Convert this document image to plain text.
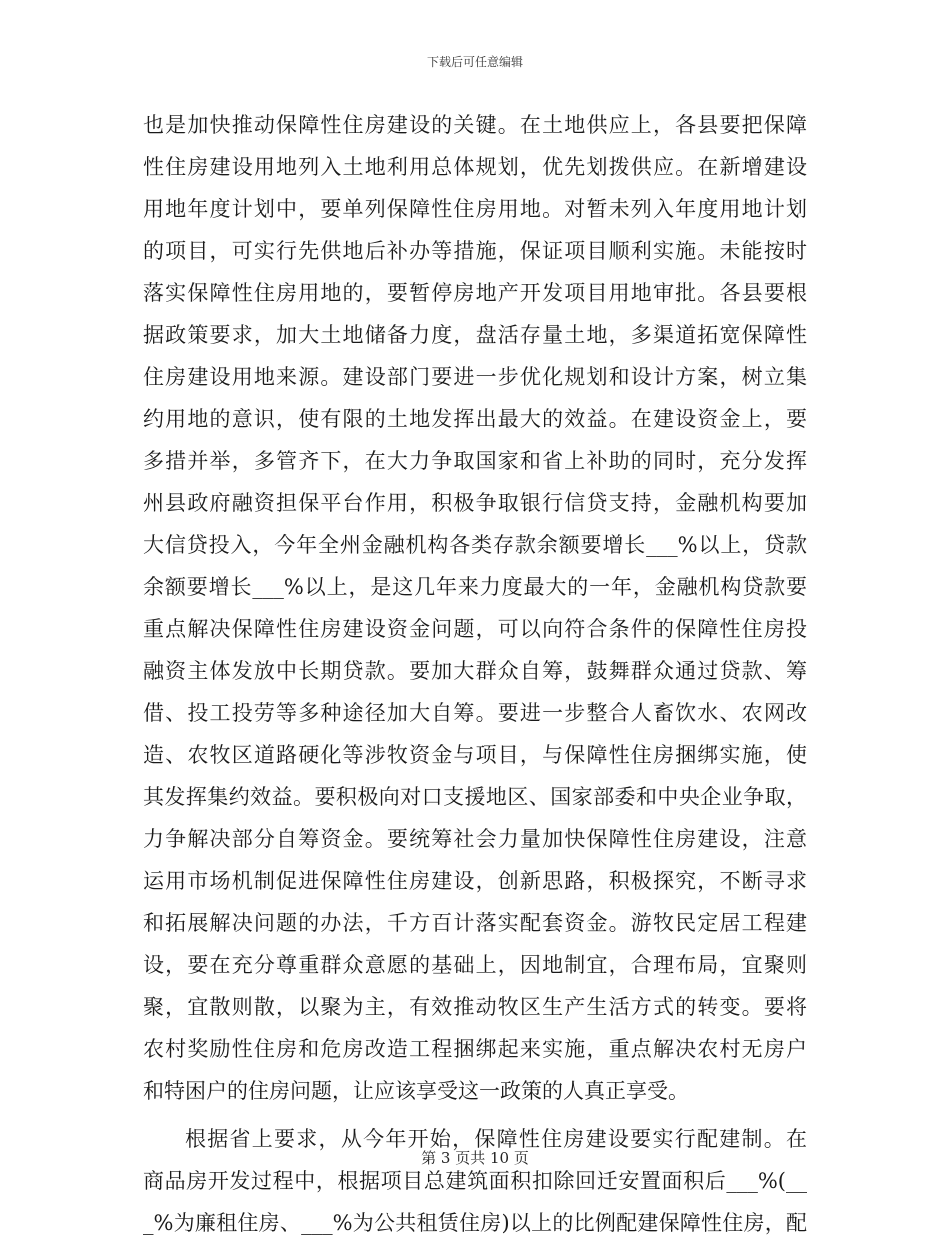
下载后可任意编辑
也是加快推动保障性住房建设的关键。在土地供应上，各县要把保障
性住房建设用地列入土地利用总体规划，优先划拨供应。在新增建设
用地年度计划中，要单列保障性住房用地。对暂未列入年度用地计划
的项目，可实行先供地后补办等措施，保证项目顺利实施。未能按时
落实保障性住房用地的，要暂停房地产开发项目用地审批。各县要根
据政策要求，加大土地储备力度，盘活存量土地，多渠道拓宽保障性
住房建设用地来源。建设部门要进一步优化规划和设计方案，树立集
约用地的意识，使有限的土地发挥出最大的效益。在建设资金上，要
多措并举，多管齐下，在大力争取国家和省上补助的同时，充分发挥
州县政府融资担保平台作用，积极争取银行信贷支持，金融机构要加
大信贷投入，今年全州金融机构各类存款余额要增长___%以上，贷款
余额要增长___%以上，是这几年来力度最大的一年，金融机构贷款要
重点解决保障性住房建设资金问题，可以向符合条件的保障性住房投
融资主体发放中长期贷款。要加大群众自筹，鼓舞群众通过贷款、筹
借、投工投劳等多种途径加大自筹。要进一步整合人畜饮水、农网改
造、农牧区道路硬化等涉牧资金与项目，与保障性住房捆绑实施，使
其发挥集约效益。要积极向对口支援地区、国家部委和中央企业争取，
力争解决部分自筹资金。要统筹社会力量加快保障性住房建设，注意
运用市场机制促进保障性住房建设，创新思路，积极探究，不断寻求
和拓展解决问题的办法，千方百计落实配套资金。游牧民定居工程建
设，要在充分尊重群众意愿的基础上，因地制宜，合理布局，宜聚则
聚，宜散则散，以聚为主，有效推动牧区生产生活方式的转变。要将
农村奖励性住房和危房改造工程捆绑起来实施，重点解决农村无房户
和特困户的住房问题，让应该享受这一政策的人真正享受。
根据省上要求，从今年开始，保障性住房建设要实行配建制。在
商品房开发过程中，根据项目总建筑面积扣除回迁安置面积后___%(__
_%为廉租住房、___%为公共租赁住房)以上的比例配建保障性住房，配
第 3 页共 10 页
